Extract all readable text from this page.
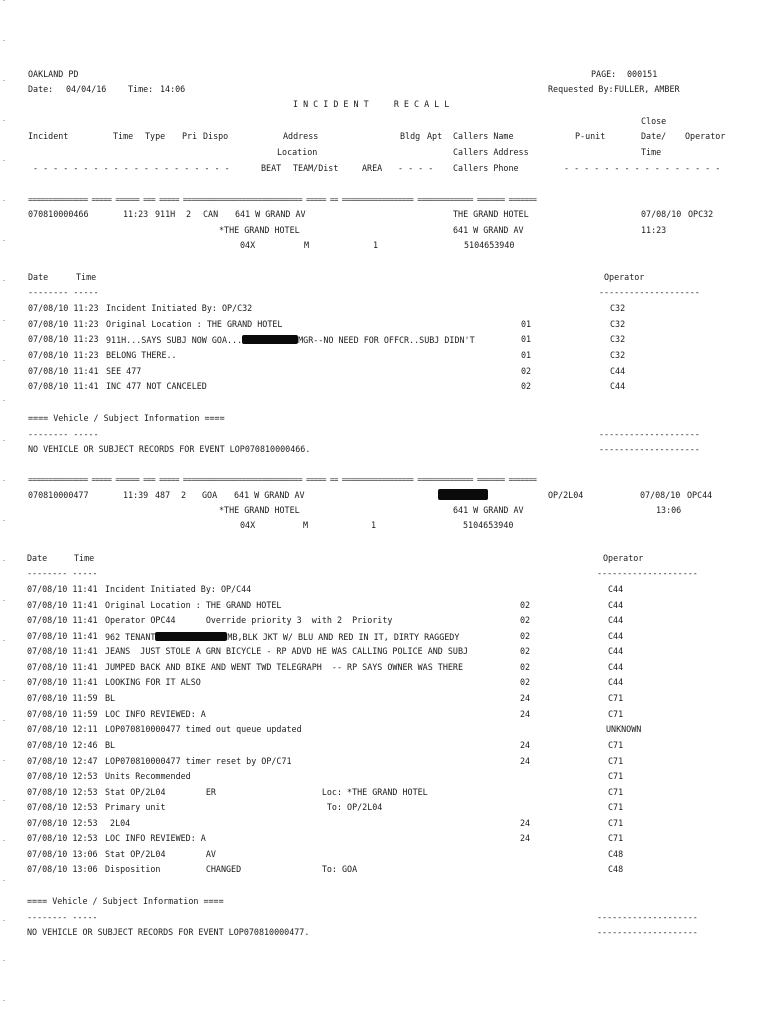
OAKLAND PD
Date: 04/04/16	Time: 14:06
PAGE: 000151
Requested By: FULLER, AMBER
I N C I D E N T     R E C A L L
Close
Incident	Time Type Pri Dispo	Address	Bldg Apt Callers Name	P-unit	Date/ Operator
Location	Callers Address	Time
- - - - - - - - - - - - - - - - - - - -	BEAT TEAM/Dist	AREA - - - - Callers Phone	- - - - - - - - - - - - - - - -
=============== ===== ====== === ===== ============================== ===== == ================== ============== ======= =======
070810000466	11:23 911H 2 CAN 641 W GRAND AV	THE GRAND HOTEL	07/08/10 OPC32
*THE GRAND HOTEL	641 W GRAND AV	11:23
04X	M	1	5104653940
Date	Time	Operator
-------- -----	--------------------
07/08/10 11:23 Incident Initiated By: OP/C32	C32
07/08/10 11:23 Original Location : THE GRAND HOTEL	01	C32
07/08/10 11:23 911H...SAYS SUBJ NOW GOA...	MGR--NO NEED FOR OFFCR..SUBJ DIDN'T	01	C32
07/08/10 11:23 BELONG THERE..	01	C32
07/08/10 11:41 SEE 477	02	C44
07/08/10 11:41 INC 477 NOT CANCELED	02	C44
==== Vehicle / Subject Information ====
-------- -----	--------------------
NO VEHICLE OR SUBJECT RECORDS FOR EVENT LOP070810000466.	--------------------
=============== ===== ====== === ===== ============================== ===== == ================== ============== ======= =======
070810000477	11:39 487 2 GOA 641 W GRAND AV	OP/2L04	07/08/10 OPC44
*THE GRAND HOTEL	641 W GRAND AV	13:06
04X	M	1	5104653940
Date	Time	Operator
-------- -----	--------------------
07/08/10 11:41 Incident Initiated By: OP/C44	C44
07/08/10 11:41 Original Location : THE GRAND HOTEL	02	C44
07/08/10 11:41 Operator OPC44      Override priority 3  with 2  Priority	02	C44
07/08/10 11:41 962 TENANT	MB,BLK JKT W/ BLU AND RED IN IT, DIRTY RAGGEDY	02	C44
07/08/10 11:41 JEANS  JUST STOLE A GRN BICYCLE - RP ADVD HE WAS CALLING POLICE AND SUBJ	02	C44
07/08/10 11:41 JUMPED BACK AND BIKE AND WENT TWD TELEGRAPH  -- RP SAYS OWNER WAS THERE	02	C44
07/08/10 11:41 LOOKING FOR IT ALSO	02	C44
07/08/10 11:59 BL	24	C71
07/08/10 11:59 LOC INFO REVIEWED: A	24	C71
07/08/10 12:11 LOP070810000477 timed out queue updated	UNKNOWN
07/08/10 12:46 BL	24	C71
07/08/10 12:47 LOP070810000477 timer reset by OP/C71	24	C71
07/08/10 12:53 Units Recommended	C71
07/08/10 12:53 Stat OP/2L04        ER                     Loc: *THE GRAND HOTEL	C71
07/08/10 12:53 Primary unit                                To: OP/2L04	C71
07/08/10 12:53 2L04	24	C71
07/08/10 12:53 LOC INFO REVIEWED: A	24	C71
07/08/10 13:06 Stat OP/2L04        AV	C48
07/08/10 13:06 Disposition         CHANGED                To: GOA	C48
==== Vehicle / Subject Information ====
-------- -----	--------------------
NO VEHICLE OR SUBJECT RECORDS FOR EVENT LOP070810000477.	--------------------
